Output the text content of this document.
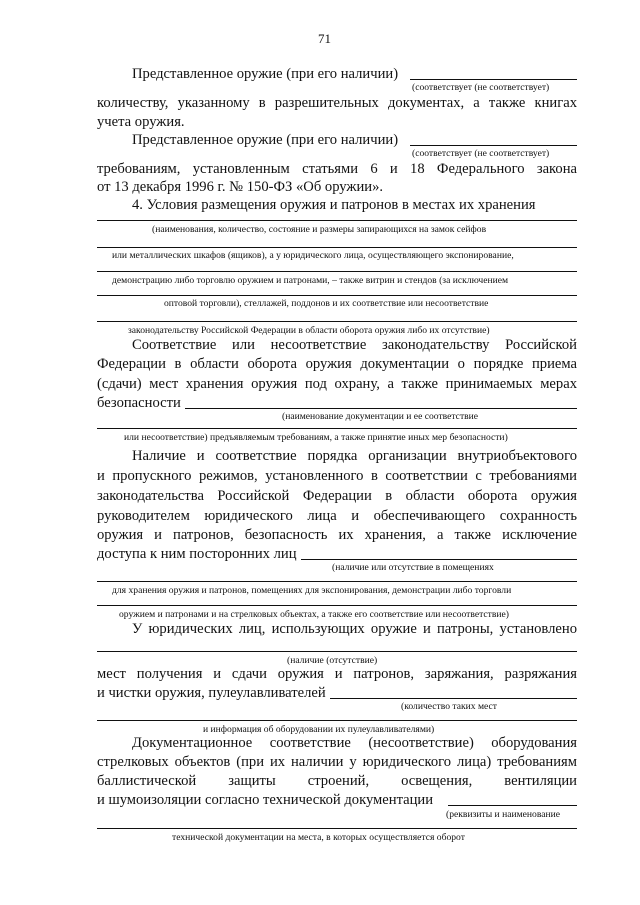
71
Представленное оружие (при его наличии)
(соответствует (не соответствует)
количеству, указанному в разрешительных документах, а также книгах
учета оружия.
Представленное оружие (при его наличии)
(соответствует (не соответствует)
требованиям, установленным статьями 6 и 18 Федерального закона
от 13 декабря 1996 г. № 150-ФЗ «Об оружии».
4. Условия размещения оружия и патронов в местах их хранения
(наименования, количество, состояние и размеры запирающихся на замок сейфов
или металлических шкафов (ящиков), а у юридического лица, осуществляющего экспонирование,
демонстрацию либо торговлю оружием и патронами, – также витрин и стендов (за исключением
оптовой торговли), стеллажей, поддонов и их соответствие или несоответствие
законодательству Российской Федерации в области оборота оружия либо их отсутствие)
Соответствие или несоответствие законодательству Российской
Федерации в области оборота оружия документации о порядке приема
(сдачи) мест хранения оружия под охрану, а также принимаемых мерах
безопасности
(наименование документации и ее соответствие
или несоответствие) предъявляемым требованиям, а также принятие иных мер безопасности)
Наличие и соответствие порядка организации внутриобъектового
и пропускного режимов, установленного в соответствии с требованиями
законодательства Российской Федерации в области оборота оружия
руководителем юридического лица и обеспечивающего сохранность
оружия и патронов, безопасность их хранения, а также исключение
доступа к ним посторонних лиц
(наличие или отсутствие в помещениях
для хранения оружия и патронов, помещениях для экспонирования, демонстрации либо торговли
оружием и патронами и на стрелковых объектах, а также его соответствие или несоответствие)
У юридических лиц, использующих оружие и патроны, установлено
(наличие (отсутствие)
мест получения и сдачи оружия и патронов, заряжания, разряжания
и чистки оружия, пулеулавливателей
(количество таких мест
и информация об оборудовании их пулеулавливателями)
Документационное соответствие (несоответствие) оборудования
стрелковых объектов (при их наличии у юридического лица) требованиям
баллистической защиты строений, освещения, вентиляции
и шумоизоляции согласно технической документации
(реквизиты и наименование
технической документации на места, в которых осуществляется оборот
